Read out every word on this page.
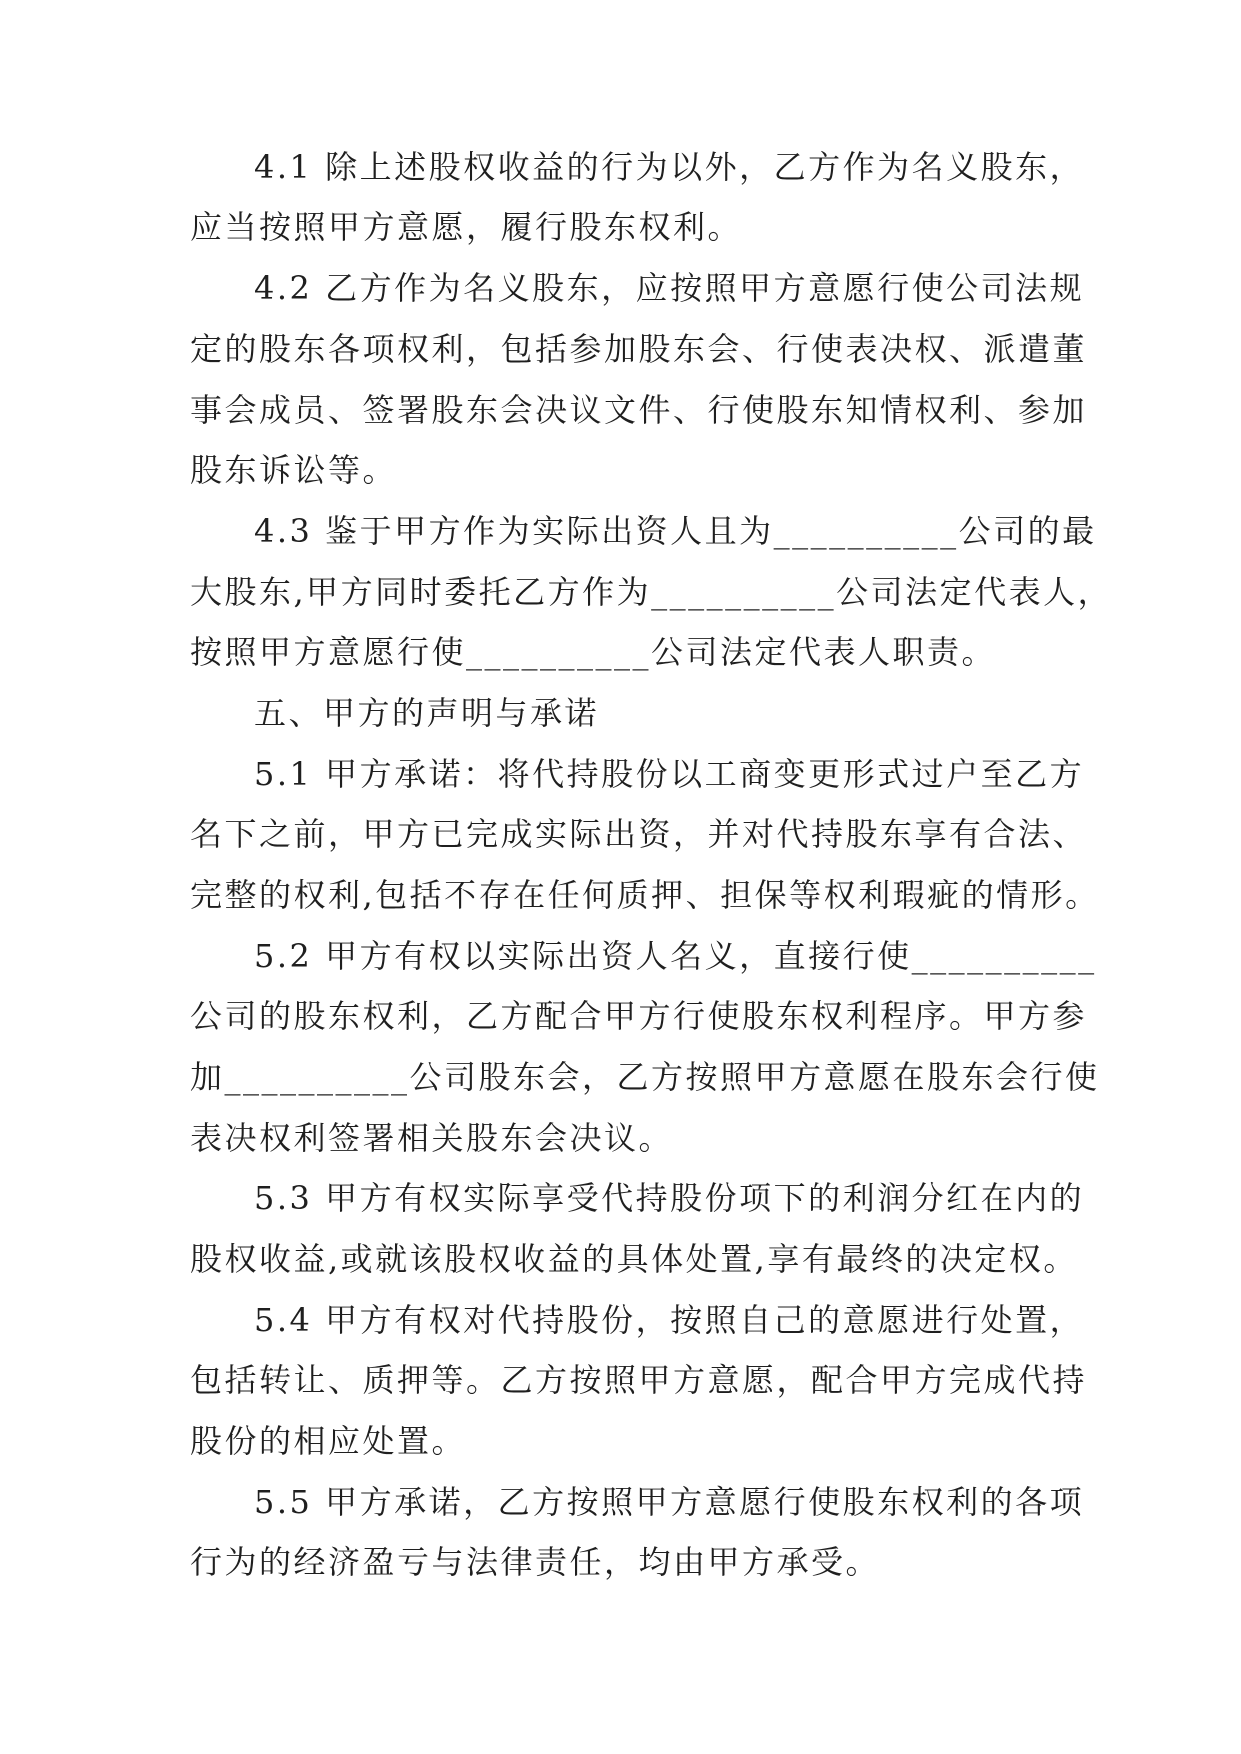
4.1 除上述股权收益的行为以外，乙方作为名义股东，
应当按照甲方意愿，履行股东权利。
4.2 乙方作为名义股东，应按照甲方意愿行使公司法规
定的股东各项权利，包括参加股东会、行使表决权、派遣董
事会成员、签署股东会决议文件、行使股东知情权利、参加
股东诉讼等。
4.3 鉴于甲方作为实际出资人且为__________公司的最
大股东,甲方同时委托乙方作为__________公司法定代表人，
按照甲方意愿行使__________公司法定代表人职责。
五、甲方的声明与承诺
5.1 甲方承诺：将代持股份以工商变更形式过户至乙方
名下之前，甲方已完成实际出资，并对代持股东享有合法、
完整的权利,包括不存在任何质押、担保等权利瑕疵的情形。
5.2 甲方有权以实际出资人名义，直接行使__________
公司的股东权利，乙方配合甲方行使股东权利程序。甲方参
加__________公司股东会，乙方按照甲方意愿在股东会行使
表决权利签署相关股东会决议。
5.3 甲方有权实际享受代持股份项下的利润分红在内的
股权收益,或就该股权收益的具体处置,享有最终的决定权。
5.4 甲方有权对代持股份，按照自己的意愿进行处置，
包括转让、质押等。乙方按照甲方意愿，配合甲方完成代持
股份的相应处置。
5.5 甲方承诺，乙方按照甲方意愿行使股东权利的各项
行为的经济盈亏与法律责任，均由甲方承受。
